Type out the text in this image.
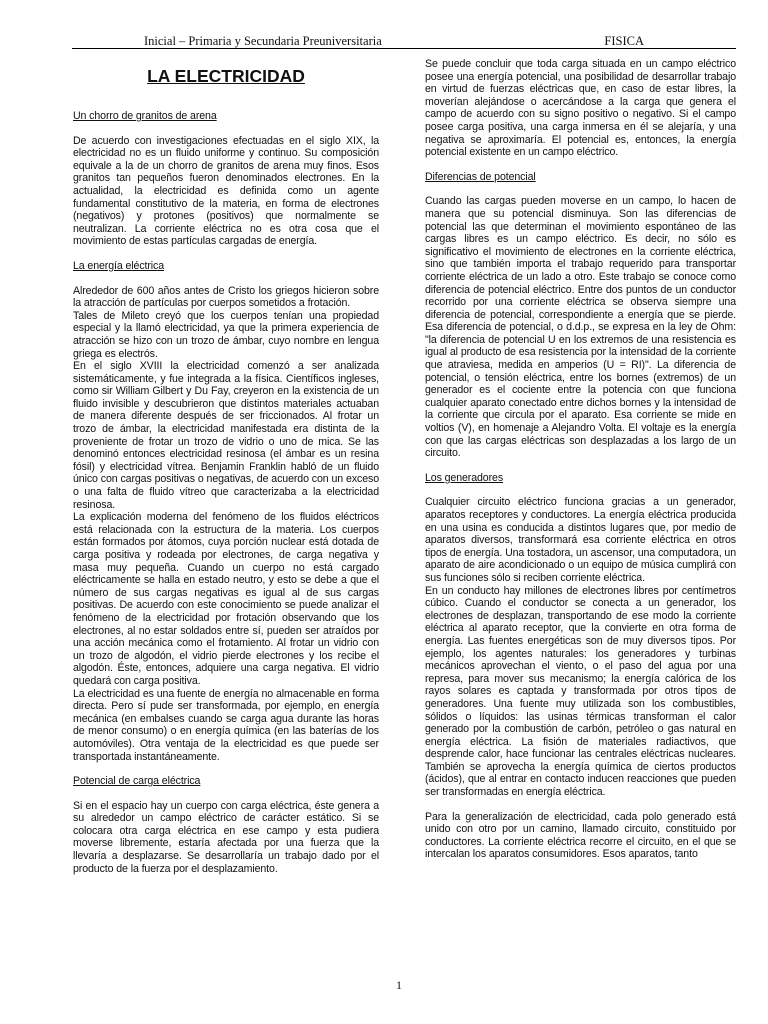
Inicial – Primaria y Secundaria Preuniversitaria	FISICA
LA ELECTRICIDAD
Un chorro de granitos de arena

De acuerdo con investigaciones efectuadas en el siglo XIX, la electricidad no es un fluido uniforme y continuo. Su composición equivale a la de un chorro de granitos de arena muy finos. Esos granitos tan pequeños fueron denominados electrones. En la actualidad, la electricidad es definida como un agente fundamental constitutivo de la materia, en forma de electrones (negativos) y protones (positivos) que normalmente se neutralizan. La corriente eléctrica no es otra cosa que el movimiento de estas partículas cargadas de energía.

La energía eléctrica

Alrededor de 600 años antes de Cristo los griegos hicieron sobre la atracción de partículas por cuerpos sometidos a frotación.

Tales de Mileto creyó que los cuerpos tenían una propiedad especial y la llamó electricidad, ya que la primera experiencia de atracción se hizo con un trozo de ámbar, cuyo nombre en lengua griega es electrós.

En el siglo XVIII la electricidad comenzó a ser analizada sistemáticamente, y fue integrada a la física. Científicos ingleses, como sir William Gilbert y Du Fay, creyeron en la existencia de un fluido invisible y descubrieron que distintos materiales actuaban de manera diferente después de ser friccionados. Al frotar un trozo de ámbar, la electricidad manifestada era distinta de la proveniente de frotar un trozo de vidrio o uno de mica. Se las denominó entonces electricidad resinosa (el ámbar es un resina fósil) y electricidad vítrea. Benjamin Franklin habló de un fluido único con cargas positivas o negativas, de acuerdo con un exceso o una falta de fluido vítreo que caracterizaba a la electricidad resinosa.

La explicación moderna del fenómeno de los fluidos eléctricos está relacionada con la estructura de la materia. Los cuerpos están formados por átomos, cuya porción nuclear está dotada de carga positiva y rodeada por electrones, de carga negativa y masa muy pequeña. Cuando un cuerpo no está cargado eléctricamente se halla en estado neutro, y esto se debe a que el número de sus cargas negativas es igual al de sus cargas positivas. De acuerdo con este conocimiento se puede analizar el fenómeno de la electricidad por frotación observando que los electrones, al no estar soldados entre sí, pueden ser atraídos por una acción mecánica como el frotamiento. Al frotar un vidrio con un trozo de algodón, el vidrio pierde electrones y los recibe el algodón. Éste, entonces, adquiere una carga negativa. El vidrio quedará con carga positiva.

La electricidad es una fuente de energía no almacenable en forma directa. Pero sí pude ser transformada, por ejemplo, en energía mecánica (en embalses cuando se carga agua durante las horas de menor consumo) o en energía química (en las baterías de los automóviles). Otra ventaja de la electricidad es que puede ser transportada instantáneamente.

Potencial de carga eléctrica

Si en el espacio hay un cuerpo con carga eléctrica, éste genera a su alrededor un campo eléctrico de carácter estático. Si se colocara otra carga eléctrica en ese campo y esta pudiera moverse libremente, estaría afectada por una fuerza que la llevaría a desplazarse. Se desarrollaría un trabajo dado por el producto de la fuerza por el desplazamiento.

Se puede concluir que toda carga situada en un campo eléctrico posee una energía potencial, una posibilidad de desarrollar trabajo en virtud de fuerzas eléctricas que, en caso de estar libres, la moverían alejándose o acercándose a la carga que genera el campo de acuerdo con su signo positivo o negativo. Si el campo posee carga positiva, una carga inmersa en él se alejaría, y una negativa se aproximaría. El potencial es, entonces, la energía potencial existente en un campo eléctrico.

Diferencias de potencial

Cuando las cargas pueden moverse en un campo, lo hacen de manera que su potencial disminuya. Son las diferencias de potencial las que determinan el movimiento espontáneo de las cargas libres es un campo eléctrico. Es decir, no sólo es significativo el movimiento de electrones en la corriente eléctrica, sino que también importa el trabajo requerido para transportar corriente eléctrica de un lado a otro. Este trabajo se conoce como diferencia de potencial eléctrico. Entre dos puntos de un conductor recorrido por una corriente eléctrica se observa siempre una diferencia de potencial, correspondiente a energía que se pierde. Esa diferencia de potencial, o d.d.p., se expresa en la ley de Ohm: "la diferencia de potencial U en los extremos de una resistencia es igual al producto de esa resistencia por la intensidad de la corriente que atraviesa, medida en amperios (U = RI)". La diferencia de potencial, o tensión eléctrica, entre los bornes (extremos) de un generador es el cociente entre la potencia con que funciona cualquier aparato conectado entre dichos bornes y la intensidad de la corriente que circula por el aparato. Esa corriente se mide en voltios (V), en homenaje a Alejandro Volta. El voltaje es la energía con que las cargas eléctricas son desplazadas a los largo de un circuito.

Los generadores

Cualquier circuito eléctrico funciona gracias a un generador, aparatos receptores y conductores. La energía eléctrica producida en una usina es conducida a distintos lugares que, por medio de aparatos diversos, transformará esa corriente eléctrica en otros tipos de energía. Una tostadora, un ascensor, una computadora, un aparato de aire acondicionado o un equipo de música cumplirá con sus funciones sólo si reciben corriente eléctrica.

En un conducto hay millones de electrones libres por centímetros cúbico. Cuando el conductor se conecta a un generador, los electrones de desplazan, transportando de ese modo la corriente eléctrica al aparato receptor, que la convierte en otra forma de energía. Las fuentes energéticas son de muy diversos tipos. Por ejemplo, los agentes naturales: los generadores y turbinas mecánicos aprovechan el viento, o el paso del agua por una represa, para mover sus mecanismo; la energía calórica de los rayos solares es captada y transformada por otros tipos de generadores. Una fuente muy utilizada son los combustibles, sólidos o líquidos: las usinas térmicas transforman el calor generado por la combustión de carbón, petróleo o gas natural en energía eléctrica. La fisión de materiales radiactivos, que desprende calor, hace funcionar las centrales eléctricas nucleares. También se aprovecha la energía química de ciertos productos (ácidos), que al entrar en contacto inducen reacciones que pueden ser transformadas en energía eléctrica.

Para la generalización de electricidad, cada polo generado está unido con otro por un camino, llamado circuito, constituido por conductores. La corriente eléctrica recorre el circuito, en el que se intercalan los aparatos consumidores. Esos aparatos, tanto

1
